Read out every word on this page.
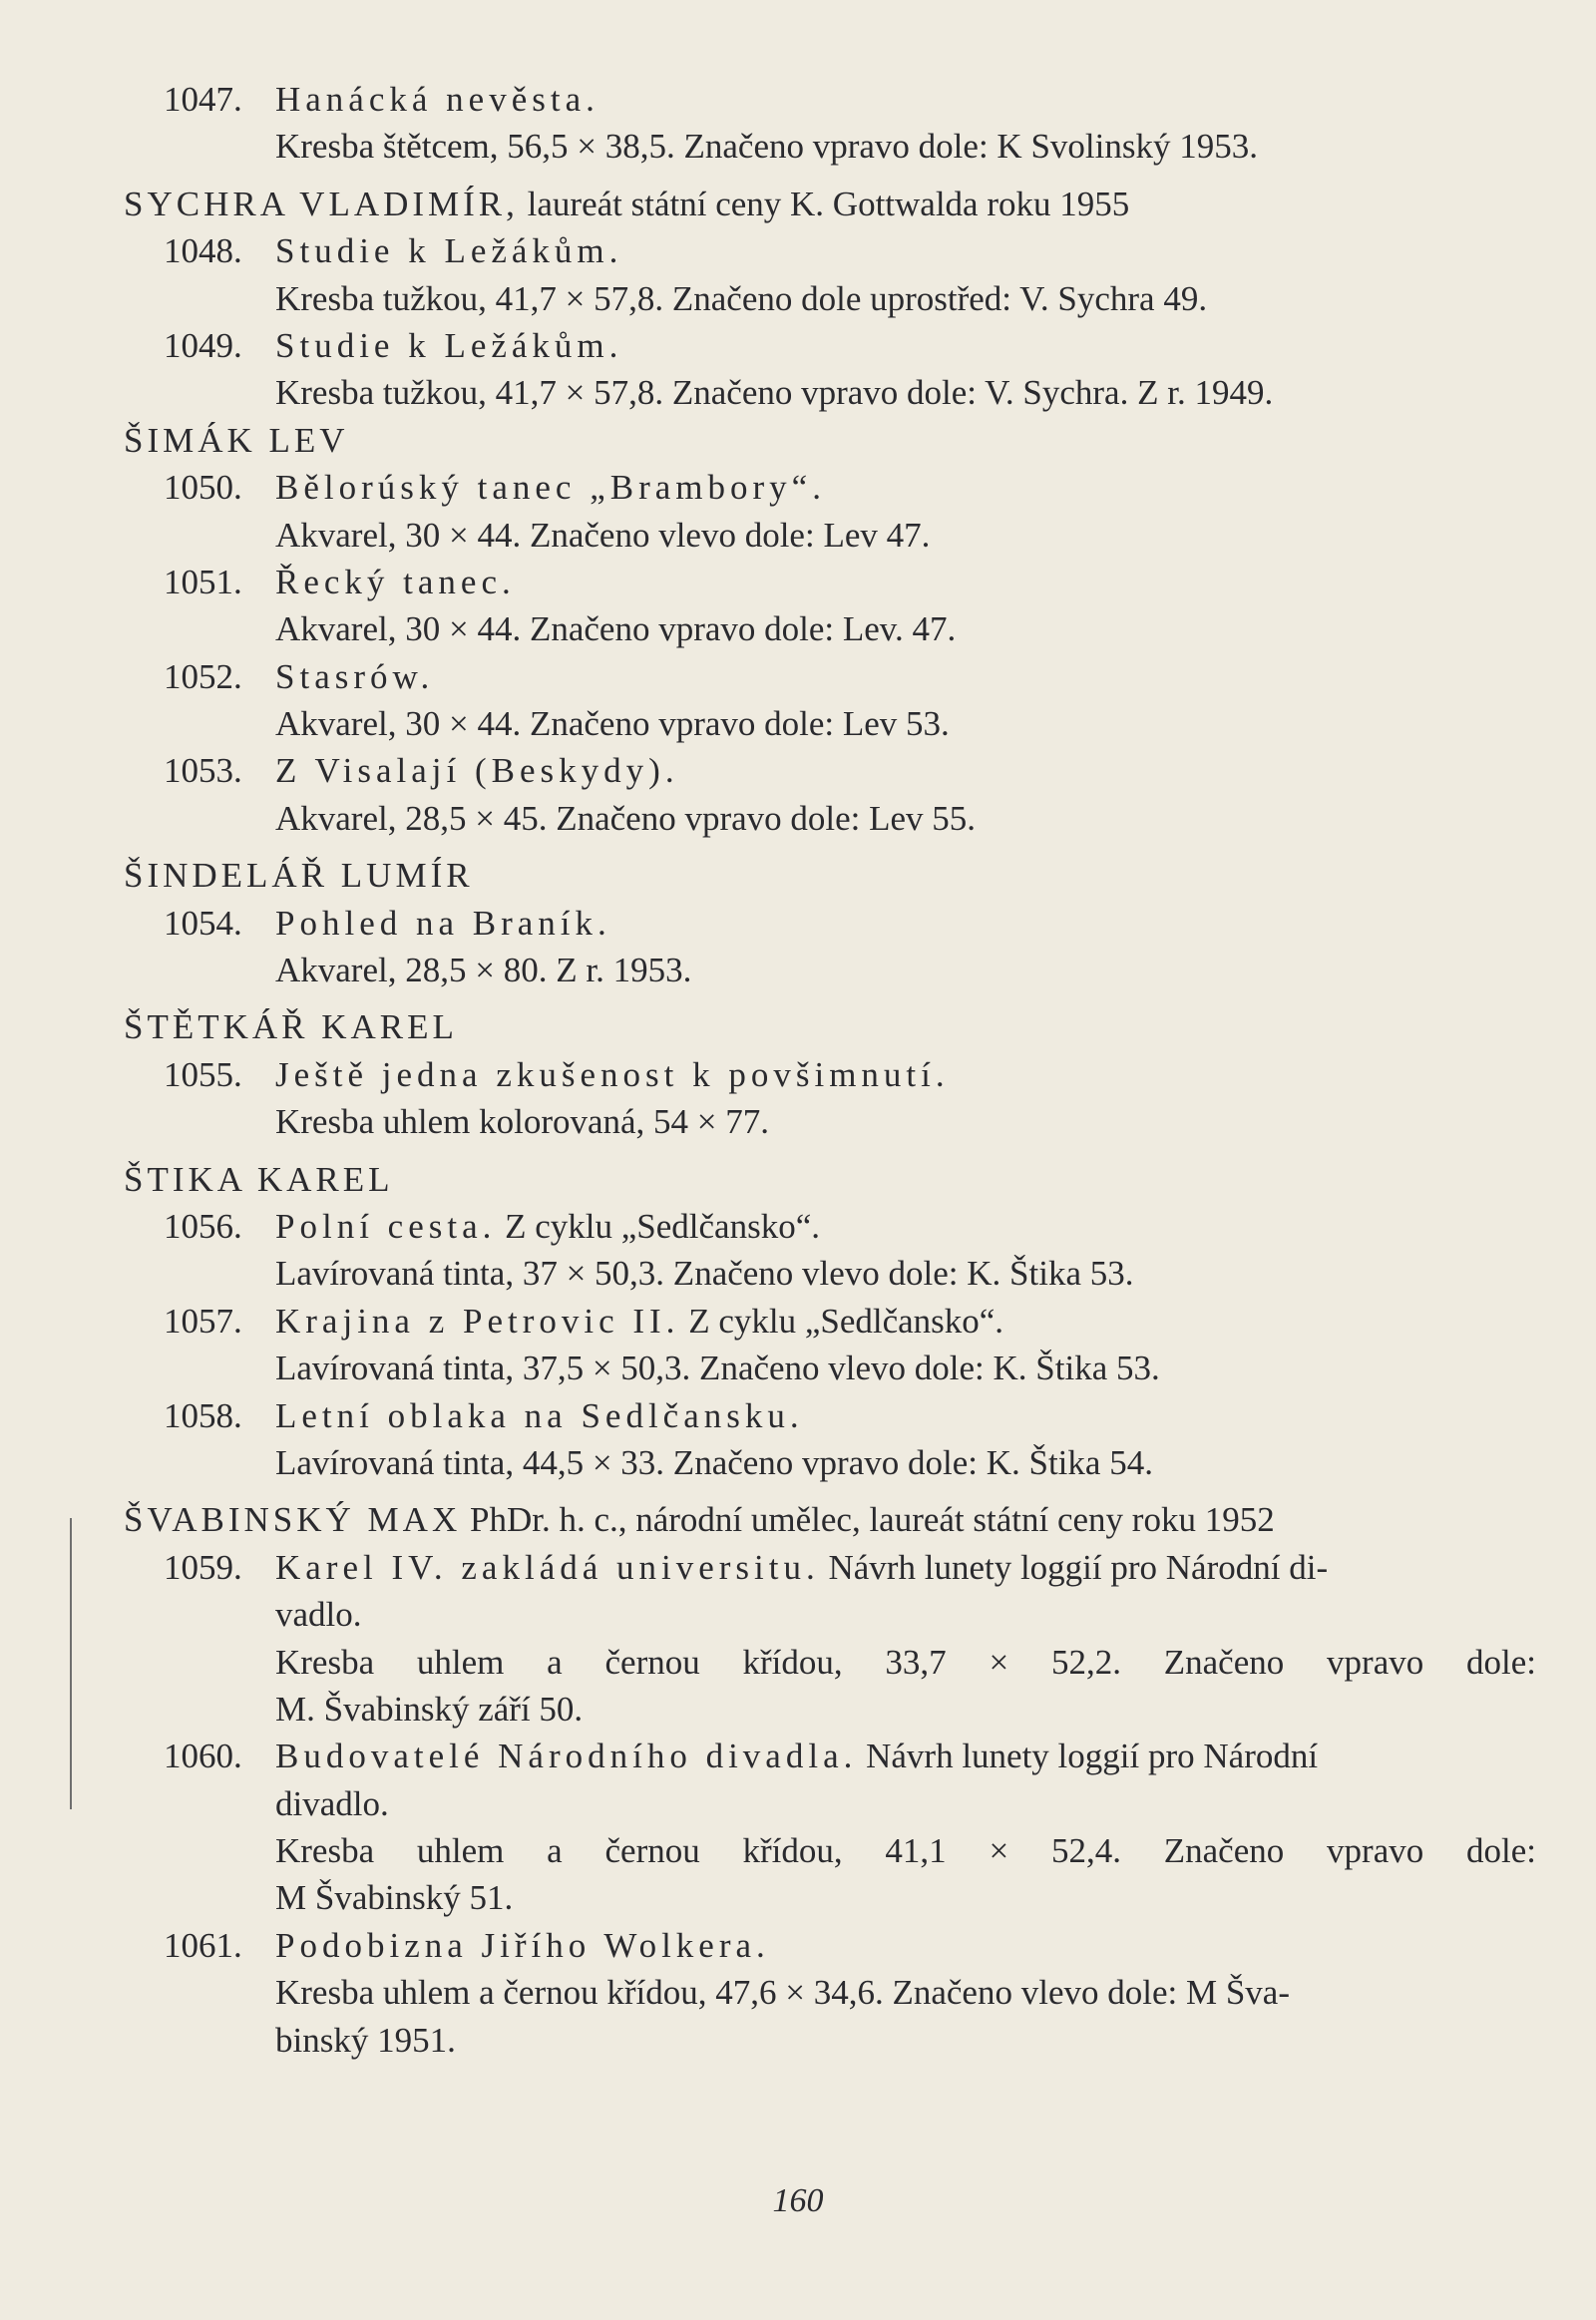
1047. Hanácká nevěsta.
Kresba štětcem, 56,5 × 38,5. Značeno vpravo dole: K Svolinský 1953.
SYCHRA VLADIMÍR, laureát státní ceny K. Gottwalda roku 1955
1048. Studie k Ležákům.
Kresba tužkou, 41,7 × 57,8. Značeno dole uprostřed: V. Sychra 49.
1049. Studie k Ležákům.
Kresba tužkou, 41,7 × 57,8. Značeno vpravo dole: V. Sychra. Z r. 1949.
ŠIMÁK LEV
1050. Bělorúský tanec „Brambory“.
Akvarel, 30 × 44. Značeno vlevo dole: Lev 47.
1051. Řecký tanec.
Akvarel, 30 × 44. Značeno vpravo dole: Lev. 47.
1052. Stasrów.
Akvarel, 30 × 44. Značeno vpravo dole: Lev 53.
1053. Z Visalají (Beskydy).
Akvarel, 28,5 × 45. Značeno vpravo dole: Lev 55.
ŠINDELÁŘ LUMÍR
1054. Pohled na Braník.
Akvarel, 28,5 × 80. Z r. 1953.
ŠTĚTKÁŘ KAREL
1055. Ještě jedna zkušenost k povšimnutí.
Kresba uhlem kolorovaná, 54 × 77.
ŠTIKA KAREL
1056. Polní cesta. Z cyklu „Sedlčansko“.
Lavírovaná tinta, 37 × 50,3. Značeno vlevo dole: K. Štika 53.
1057. Krajina z Petrovic II. Z cyklu „Sedlčansko“.
Lavírovaná tinta, 37,5 × 50,3. Značeno vlevo dole: K. Štika 53.
1058. Letní oblaka na Sedlčansku.
Lavírovaná tinta, 44,5 × 33. Značeno vpravo dole: K. Štika 54.
ŠVABINSKÝ MAX PhDr. h. c., národní umělec, laureát státní ceny roku 1952
1059. Karel IV. zakládá universitu. Návrh lunety loggií pro Národní di-
vadlo.
Kresba uhlem a černou křídou, 33,7 × 52,2. Značeno vpravo dole:
M. Švabinský září 50.
1060. Budovatelé Národního divadla. Návrh lunety loggií pro Národní
divadlo.
Kresba uhlem a černou křídou, 41,1 × 52,4. Značeno vpravo dole:
M Švabinský 51.
1061. Podobizna Jiřího Wolkera.
Kresba uhlem a černou křídou, 47,6 × 34,6. Značeno vlevo dole: M Šva-
binský 1951.
160
